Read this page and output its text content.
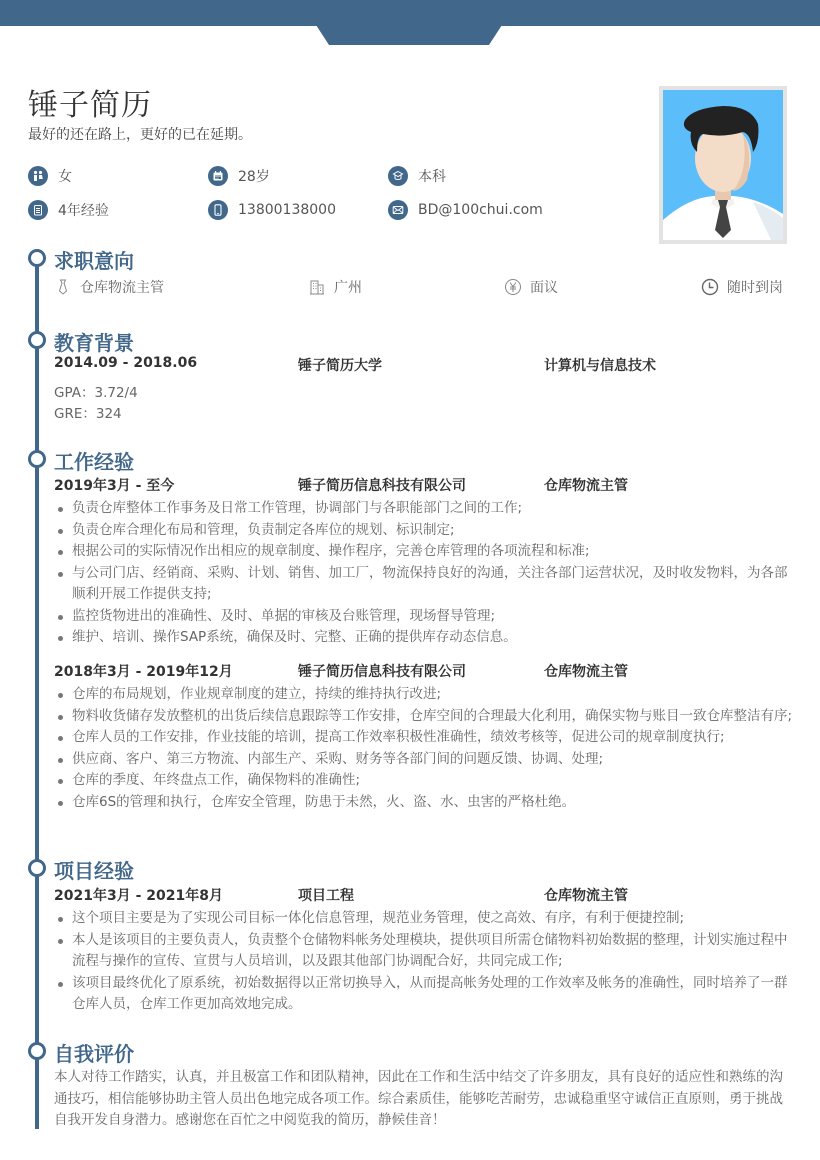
锤子简历
最好的还在路上，更好的已在延期。
女	28岁	本科
4年经验	13800138000	BD@100chui.com
求职意向
仓库物流主管	广州	面议	随时到岗
教育背景
2014.09 - 2018.06	锤子简历大学	计算机与信息技术
GPA：3.72/4
GRE：324
工作经验
2019年3月 - 至今	锤子简历信息科技有限公司	仓库物流主管
负责仓库整体工作事务及日常工作管理，协调部门与各职能部门之间的工作;
负责仓库合理化布局和管理，负责制定各库位的规划、标识制定;
根据公司的实际情况作出相应的规章制度、操作程序，完善仓库管理的各项流程和标准;
与公司门店、经销商、采购、计划、销售、加工厂，物流保持良好的沟通，关注各部门运营状况，及时收发物料，为各部顺利开展工作提供支持;
监控货物进出的准确性、及时、单据的审核及台账管理，现场督导管理;
维护、培训、操作SAP系统，确保及时、完整、正确的提供库存动态信息。
2018年3月 - 2019年12月	锤子简历信息科技有限公司	仓库物流主管
仓库的布局规划，作业规章制度的建立，持续的维持执行改进;
物料收货储存发放整机的出货后续信息跟踪等工作安排，仓库空间的合理最大化利用，确保实物与账目一致仓库整洁有序;
仓库人员的工作安排，作业技能的培训，提高工作效率积极性准确性，绩效考核等，促进公司的规章制度执行;
供应商、客户、第三方物流、内部生产、采购、财务等各部门间的问题反馈、协调、处理;
仓库的季度、年终盘点工作，确保物料的准确性;
仓库6S的管理和执行，仓库安全管理，防患于未然，火、盗、水、虫害的严格杜绝。
项目经验
2021年3月 - 2021年8月	项目工程	仓库物流主管
这个项目主要是为了实现公司目标一体化信息管理，规范业务管理，使之高效、有序，有利于便捷控制;
本人是该项目的主要负责人，负责整个仓储物料帐务处理模块，提供项目所需仓储物料初始数据的整理，计划实施过程中流程与操作的宣传、宣贯与人员培训，以及跟其他部门协调配合好，共同完成工作;
该项目最终优化了原系统，初始数据得以正常切换导入，从而提高帐务处理的工作效率及帐务的准确性，同时培养了一群仓库人员，仓库工作更加高效地完成。
自我评价
本人对待工作踏实，认真，并且极富工作和团队精神，因此在工作和生活中结交了许多朋友，具有良好的适应性和熟练的沟通技巧，相信能够协助主管人员出色地完成各项工作。综合素质佳，能够吃苦耐劳，忠诚稳重坚守诚信正直原则，勇于挑战自我开发自身潜力。感谢您在百忙之中阅览我的简历，静候佳音！
